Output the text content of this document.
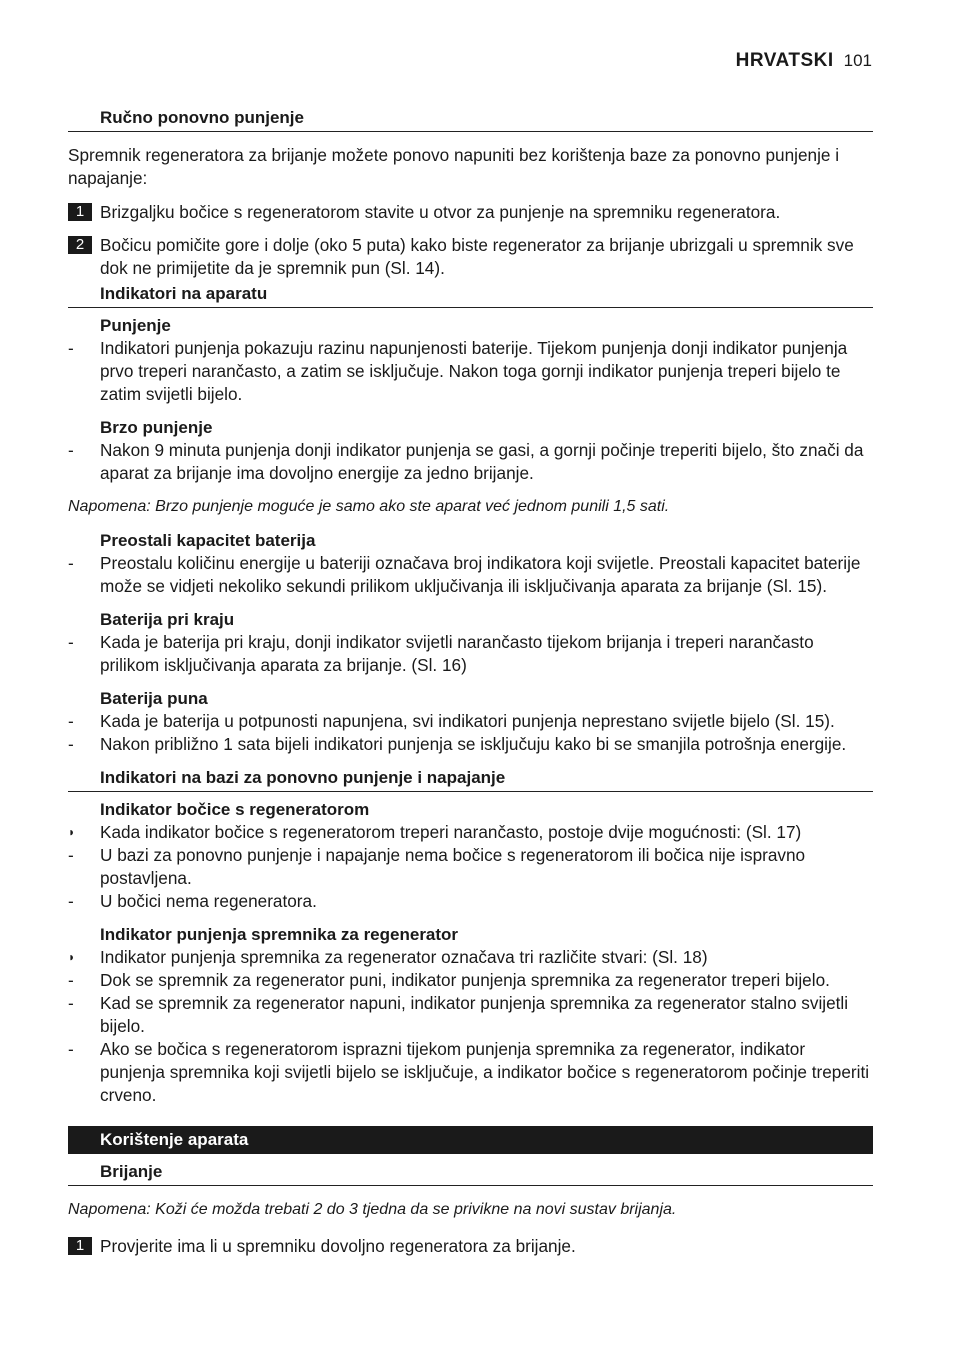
HRVATSKI 101
Ručno ponovno punjenje

Spremnik regeneratora za brijanje možete ponovo napuniti bez korištenja baze za ponovno punjenje i napajanje:

1 Brizgaljku bočice s regeneratorom stavite u otvor za punjenje na spremniku regeneratora.
2 Bočicu pomičite gore i dolje (oko 5 puta) kako biste regenerator za brijanje ubrizgali u spremnik sve dok ne primijetite da je spremnik pun (Sl. 14).
Indikatori na aparatu
Punjenje
-	Indikatori punjenja pokazuju razinu napunjenosti baterije. Tijekom punjenja donji indikator punjenja prvo treperi narančasto, a zatim se isključuje. Nakon toga gornji indikator punjenja treperi bijelo te zatim svijetli bijelo.
Brzo punjenje
-	Nakon 9 minuta punjenja donji indikator punjenja se gasi, a gornji počinje treperiti bijelo, što znači da aparat za brijanje ima dovoljno energije za jedno brijanje.
Napomena: Brzo punjenje moguće je samo ako ste aparat već jednom punili 1,5 sati.
Preostali kapacitet baterija
-	Preostalu količinu energije u bateriji označava broj indikatora koji svijetle. Preostali kapacitet baterije može se vidjeti nekoliko sekundi prilikom uključivanja ili isključivanja aparata za brijanje (Sl. 15).
Baterija pri kraju
-	Kada je baterija pri kraju, donji indikator svijetli narančasto tijekom brijanja i treperi narančasto prilikom isključivanja aparata za brijanje. (Sl. 16)
Baterija puna
-	Kada je baterija u potpunosti napunjena, svi indikatori punjenja neprestano svijetle bijelo (Sl. 15).
-	Nakon približno 1 sata bijeli indikatori punjenja se isključuju kako bi se smanjila potrošnja energije.
Indikatori na bazi za ponovno punjenje i napajanje
Indikator bočice s regeneratorom
◗	Kada indikator bočice s regeneratorom treperi narančasto, postoje dvije mogućnosti: (Sl. 17)
-	U bazi za ponovno punjenje i napajanje nema bočice s regeneratorom ili bočica nije ispravno postavljena.
-	U bočici nema regeneratora.
Indikator punjenja spremnika za regenerator
◗	Indikator punjenja spremnika za regenerator označava tri različite stvari: (Sl. 18)
-	Dok se spremnik za regenerator puni, indikator punjenja spremnika za regenerator treperi bijelo.
-	Kad se spremnik za regenerator napuni, indikator punjenja spremnika za regenerator stalno svijetli bijelo.
-	Ako se bočica s regeneratorom isprazni tijekom punjenja spremnika za regenerator, indikator punjenja spremnika koji svijetli bijelo se isključuje, a indikator bočice s regeneratorom počinje treperiti crveno.
Korištenje aparata
Brijanje
Napomena: Koži će možda trebati 2 do 3 tjedna da se privikne na novi sustav brijanja.
1 Provjerite ima li u spremniku dovoljno regeneratora za brijanje.
